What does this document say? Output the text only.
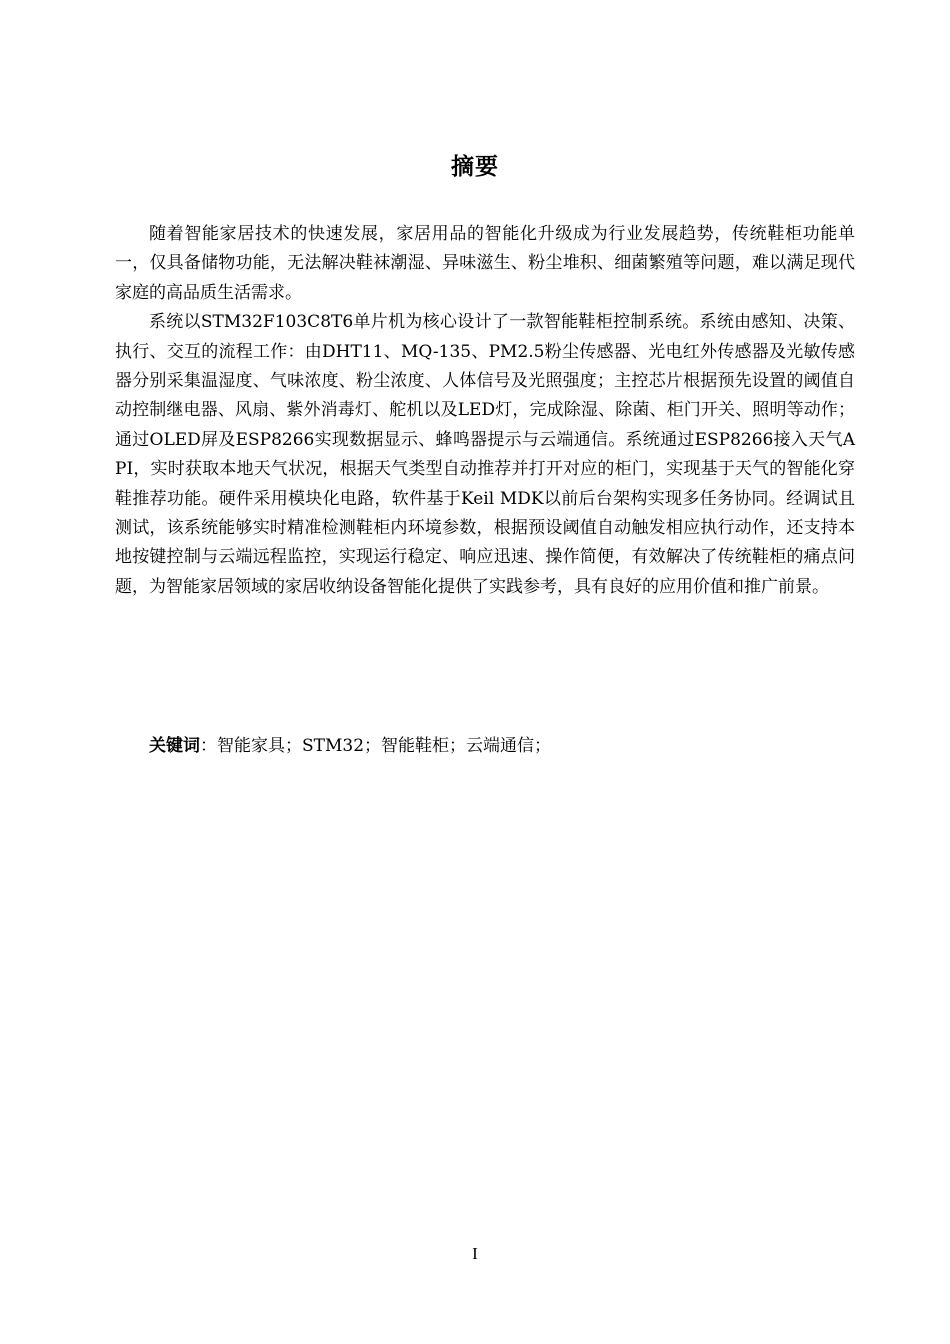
摘要

随着智能家居技术的快速发展，家居用品的智能化升级成为行业发展趋势，传统鞋柜功能单一，仅具备储物功能，无法解决鞋袜潮湿、异味滋生、粉尘堆积、细菌繁殖等问题，难以满足现代家庭的高品质生活需求。

系统以STM32F103C8T6单片机为核心设计了一款智能鞋柜控制系统。系统由感知、决策、执行、交互的流程工作：由DHT11、MQ-135、PM2.5粉尘传感器、光电红外传感器及光敏传感器分别采集温湿度、气味浓度、粉尘浓度、人体信号及光照强度；主控芯片根据预先设置的阈值自动控制继电器、风扇、紫外消毒灯、舵机以及LED灯，完成除湿、除菌、柜门开关、照明等动作；通过OLED屏及ESP8266实现数据显示、蜂鸣器提示与云端通信。系统通过ESP8266接入天气API，实时获取本地天气状况，根据天气类型自动推荐并打开对应的柜门，实现基于天气的智能化穿鞋推荐功能。硬件采用模块化电路，软件基于Keil MDK以前后台架构实现多任务协同。经调试且测试，该系统能够实时精准检测鞋柜内环境参数，根据预设阈值自动触发相应执行动作，还支持本地按键控制与云端远程监控，实现运行稳定、响应迅速、操作简便，有效解决了传统鞋柜的痛点问题，为智能家居领域的家居收纳设备智能化提供了实践参考，具有良好的应用价值和推广前景。

关键词：智能家具；STM32；智能鞋柜；云端通信；
I
